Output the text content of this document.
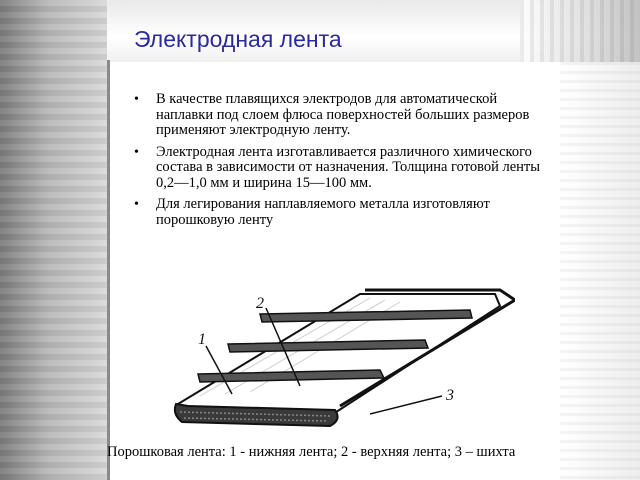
Электродная лента
• В качестве плавящихся электродов для автоматической наплавки под слоем флюса поверхностей больших размеров применяют электродную ленту.
• Электродная лента изготавливается различного химического состава в зависимости от назначения. Толщина готовой ленты 0,2—1,0 мм и ширина 15—100 мм.
• Для легирования наплавляемого металла изготовляют порошковую ленту
1
2
3
Порошковая лента: 1 - нижняя лента; 2 - верхняя лента; 3 – шихта
